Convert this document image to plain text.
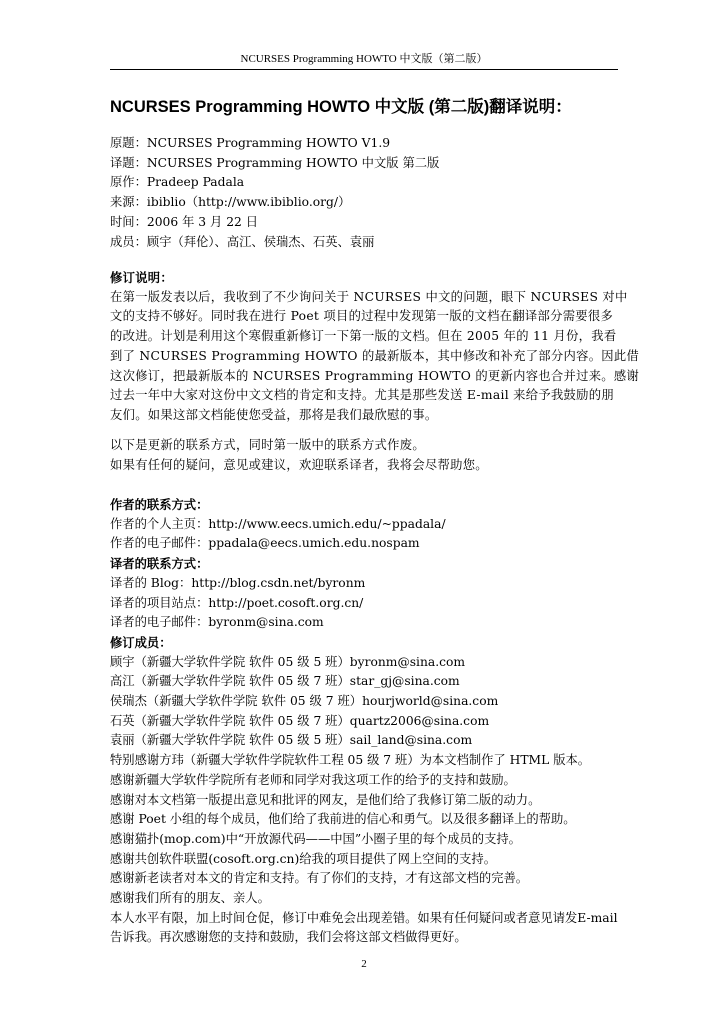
NCURSES Programming HOWTO 中文版（第二版）
NCURSES Programming HOWTO 中文版 (第二版)翻译说明：
原题：NCURSES Programming HOWTO V1.9
译题：NCURSES Programming HOWTO 中文版 第二版
原作：Pradeep Padala
来源：ibiblio（http://www.ibiblio.org/）
时间：2006 年 3 月 22 日
成员：顾宇（拜伦）、高江、侯瑞杰、石英、袁丽
修订说明：
在第一版发表以后，我收到了不少询问关于 NCURSES 中文的问题，眼下 NCURSES 对中
文的支持不够好。同时我在进行 Poet 项目的过程中发现第一版的文档在翻译部分需要很多
的改进。计划是利用这个寒假重新修订一下第一版的文档。但在 2005 年的 11 月份，我看
到了 NCURSES Programming HOWTO 的最新版本，其中修改和补充了部分内容。因此借
这次修订，把最新版本的 NCURSES Programming HOWTO 的更新内容也合并过来。感谢
过去一年中大家对这份中文文档的肯定和支持。尤其是那些发送 E-mail 来给予我鼓励的朋
友们。如果这部文档能使您受益，那将是我们最欣慰的事。
以下是更新的联系方式，同时第一版中的联系方式作废。
如果有任何的疑问，意见或建议，欢迎联系译者，我将会尽帮助您。
作者的联系方式：
作者的个人主页：http://www.eecs.umich.edu/~ppadala/
作者的电子邮件：ppadala@eecs.umich.edu.nospam
译者的联系方式：
译者的 Blog：http://blog.csdn.net/byronm
译者的项目站点：http://poet.cosoft.org.cn/
译者的电子邮件：byronm@sina.com
修订成员：
顾宇（新疆大学软件学院 软件 05 级 5 班）byronm@sina.com
高江（新疆大学软件学院 软件 05 级 7 班）star_gj@sina.com
侯瑞杰（新疆大学软件学院 软件 05 级 7 班）hourjworld@sina.com
石英（新疆大学软件学院 软件 05 级 7 班）quartz2006@sina.com
袁丽（新疆大学软件学院 软件 05 级 5 班）sail_land@sina.com
特别感谢方玮（新疆大学软件学院软件工程 05 级 7 班）为本文档制作了 HTML 版本。
感谢新疆大学软件学院所有老师和同学对我这项工作的给予的支持和鼓励。
感谢对本文档第一版提出意见和批评的网友，是他们给了我修订第二版的动力。
感谢 Poet 小组的每个成员，他们给了我前进的信心和勇气。以及很多翻译上的帮助。
感谢猫扑(mop.com)中“开放源代码——中国”小圈子里的每个成员的支持。
感谢共创软件联盟(cosoft.org.cn)给我的项目提供了网上空间的支持。
感谢新老读者对本文的肯定和支持。有了你们的支持，才有这部文档的完善。
感谢我们所有的朋友、亲人。
本人水平有限，加上时间仓促，修订中难免会出现差错。如果有任何疑问或者意见请发E-mail
告诉我。再次感谢您的支持和鼓励，我们会将这部文档做得更好。
2
